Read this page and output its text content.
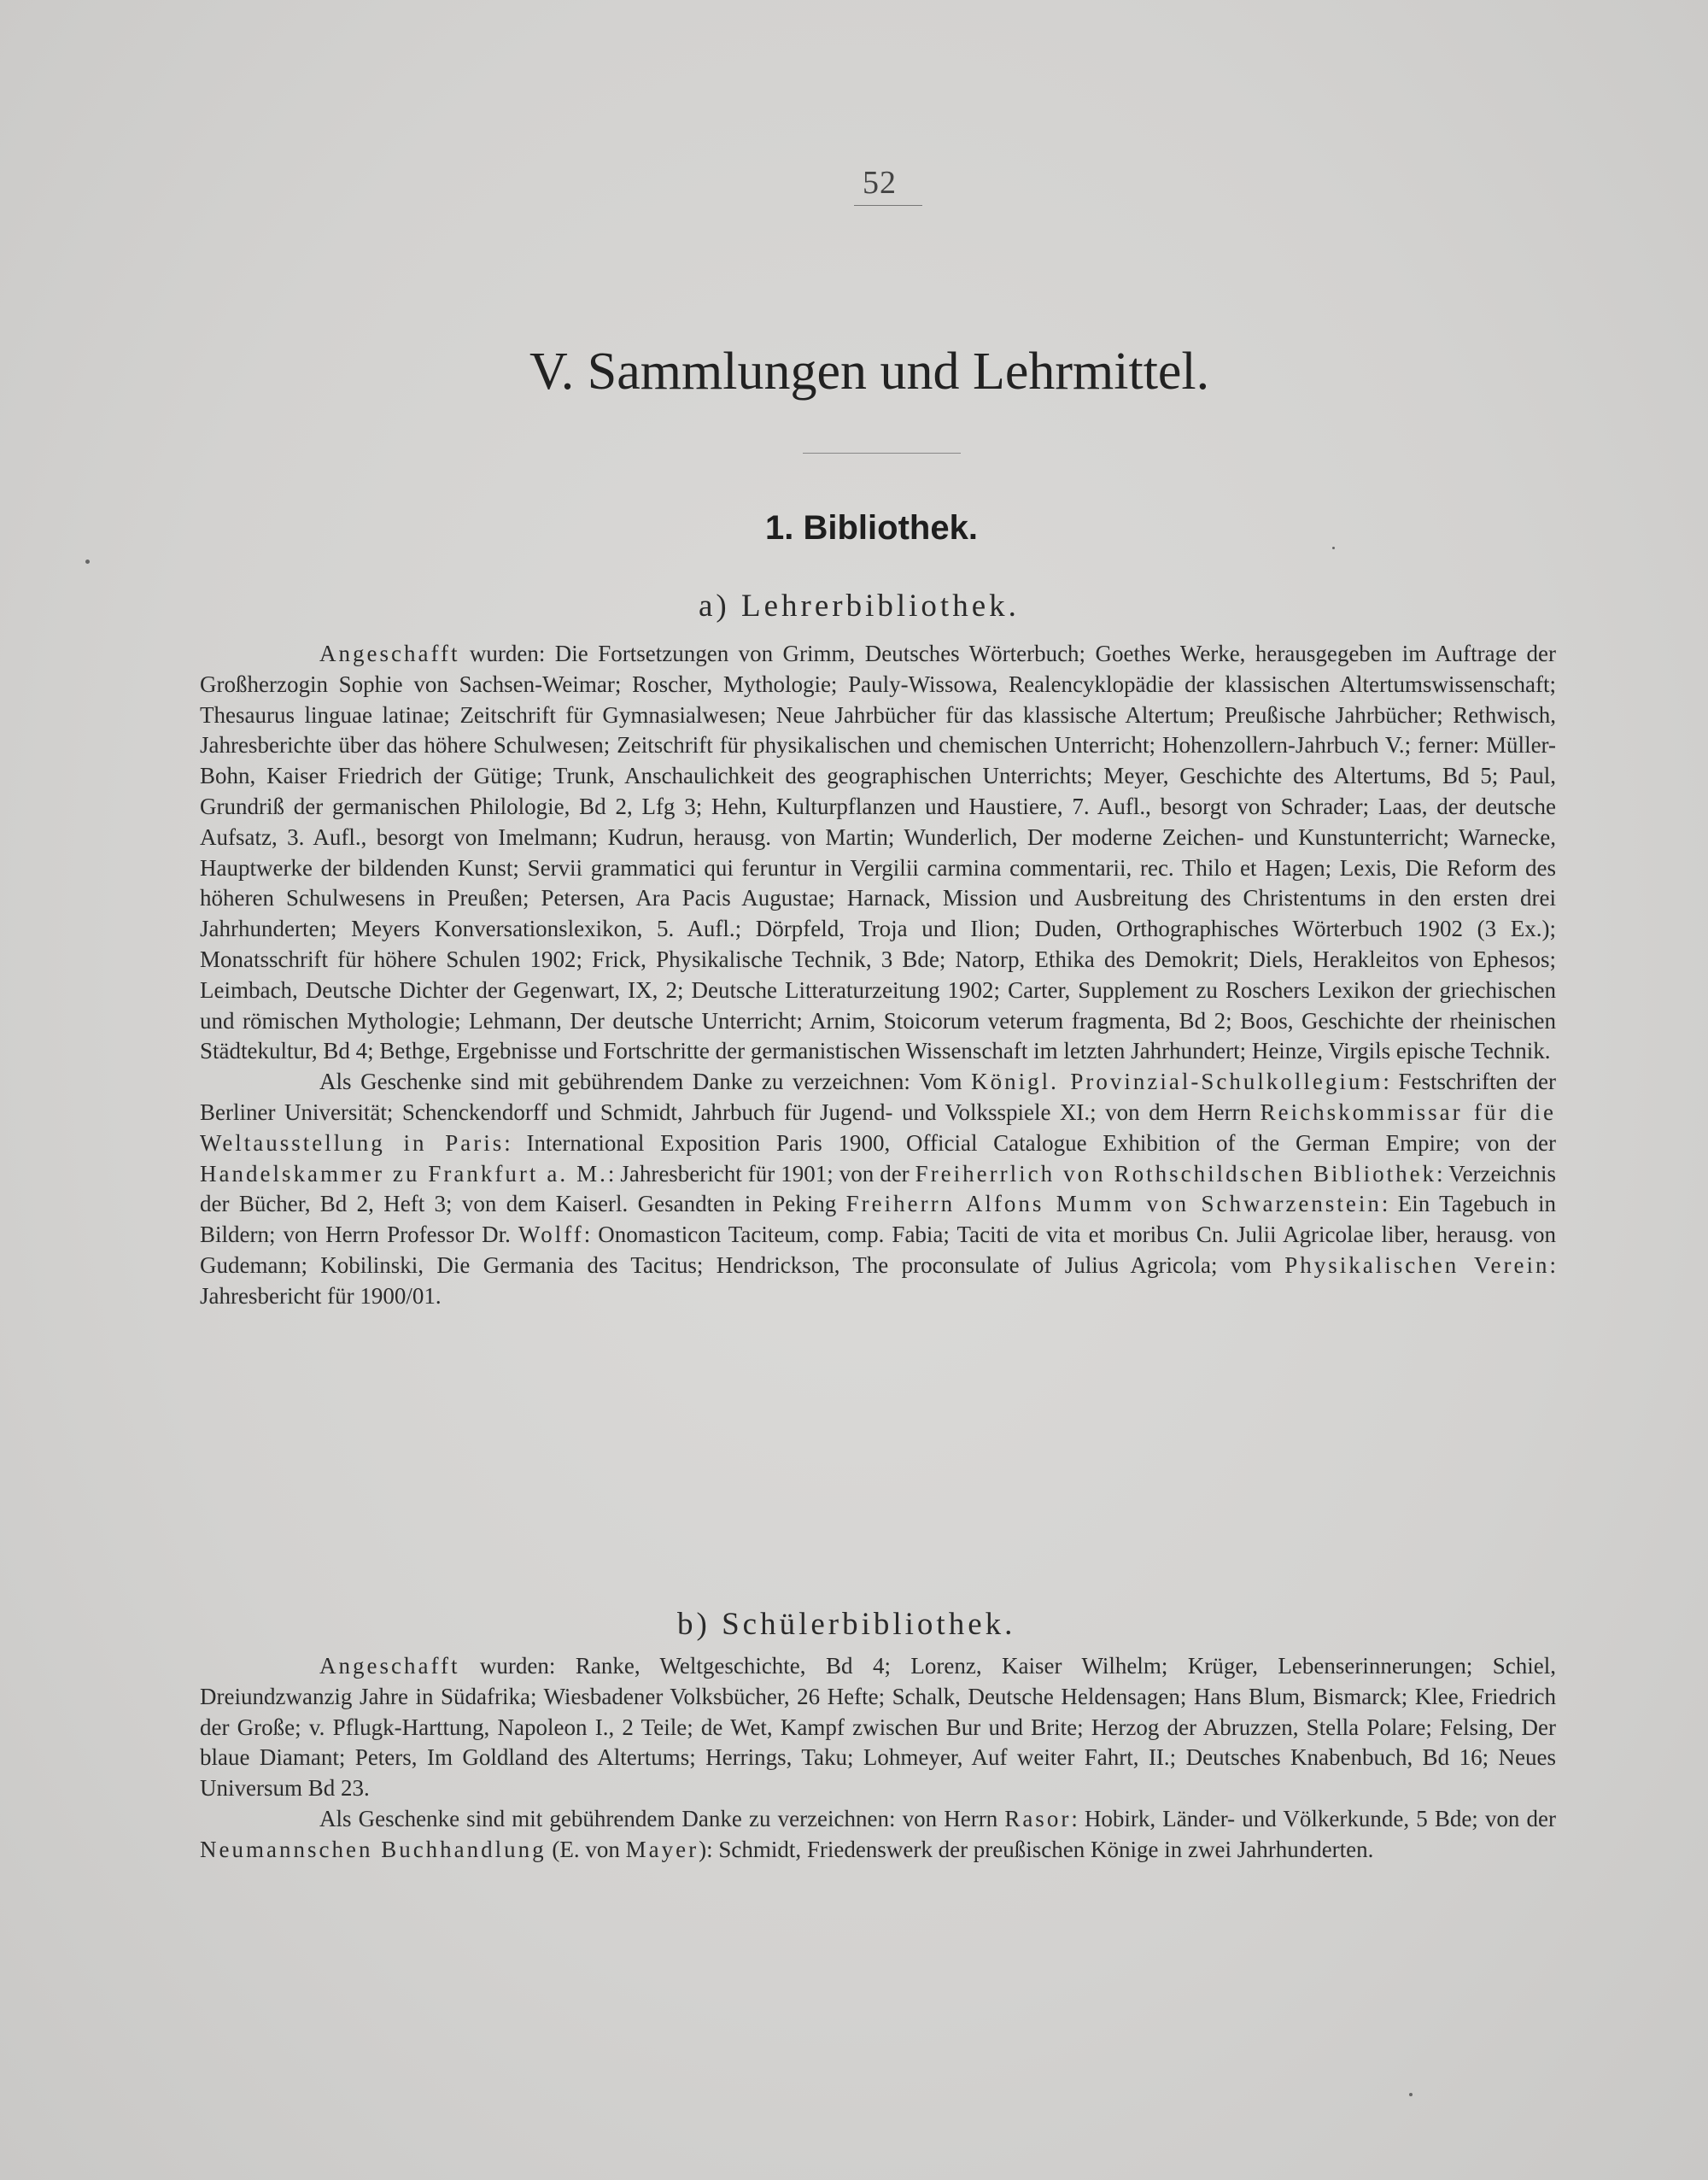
52
V. Sammlungen und Lehrmittel.
1. Bibliothek.
a) Lehrerbibliothek.

Angeschafft wurden: Die Fortsetzungen von Grimm, Deutsches Wörterbuch; Goethes Werke, herausgegeben im Auftrage der Großherzogin Sophie von Sachsen-Weimar; Roscher, Mythologie; Pauly-Wissowa, Realencyklopädie der klassischen Altertumswissenschaft; Thesaurus linguae latinae; Zeitschrift für Gymnasialwesen; Neue Jahrbücher für das klassische Altertum; Preußische Jahrbücher; Rethwisch, Jahresberichte über das höhere Schulwesen; Zeitschrift für physikalischen und chemischen Unterricht; Hohenzollern-Jahrbuch V.; ferner: Müller-Bohn, Kaiser Friedrich der Gütige; Trunk, Anschaulichkeit des geographischen Unterrichts; Meyer, Geschichte des Altertums, Bd 5; Paul, Grundriß der germanischen Philologie, Bd 2, Lfg 3; Hehn, Kulturpflanzen und Haustiere, 7. Aufl., besorgt von Schrader; Laas, der deutsche Aufsatz, 3. Aufl., besorgt von Imelmann; Kudrun, herausg. von Martin; Wunderlich, Der moderne Zeichen- und Kunstunterricht; Warnecke, Hauptwerke der bildenden Kunst; Servii grammatici qui feruntur in Vergilii carmina commentarii, rec. Thilo et Hagen; Lexis, Die Reform des höheren Schulwesens in Preußen; Petersen, Ara Pacis Augustae; Harnack, Mission und Ausbreitung des Christentums in den ersten drei Jahrhunderten; Meyers Konversationslexikon, 5. Aufl.; Dörpfeld, Troja und Ilion; Duden, Orthographisches Wörterbuch 1902 (3 Ex.); Monatsschrift für höhere Schulen 1902; Frick, Physikalische Technik, 3 Bde; Natorp, Ethika des Demokrit; Diels, Herakleitos von Ephesos; Leimbach, Deutsche Dichter der Gegenwart, IX, 2; Deutsche Litteraturzeitung 1902; Carter, Supplement zu Roschers Lexikon der griechischen und römischen Mythologie; Lehmann, Der deutsche Unterricht; Arnim, Stoicorum veterum fragmenta, Bd 2; Boos, Geschichte der rheinischen Städtekultur, Bd 4; Bethge, Ergebnisse und Fortschritte der germanistischen Wissenschaft im letzten Jahrhundert; Heinze, Virgils epische Technik.

Als Geschenke sind mit gebührendem Danke zu verzeichnen: Vom Königl. Provinzial-Schulkollegium: Festschriften der Berliner Universität; Schenckendorff und Schmidt, Jahrbuch für Jugend- und Volksspiele XI.; von dem Herrn Reichskommissar für die Weltausstellung in Paris: International Exposition Paris 1900, Official Catalogue Exhibition of the German Empire; von der Handelskammer zu Frankfurt a. M.: Jahresbericht für 1901; von der Freiherrlich von Rothschildschen Bibliothek: Verzeichnis der Bücher, Bd 2, Heft 3; von dem Kaiserl. Gesandten in Peking Freiherrn Alfons Mumm von Schwarzenstein: Ein Tagebuch in Bildern; von Herrn Professor Dr. Wolff: Onomasticon Taciteum, comp. Fabia; Taciti de vita et moribus Cn. Julii Agricolae liber, herausg. von Gudemann; Kobilinski, Die Germania des Tacitus; Hendrickson, The proconsulate of Julius Agricola; vom Physikalischen Verein: Jahresbericht für 1900/01.

b) Schülerbibliothek.

Angeschafft wurden: Ranke, Weltgeschichte, Bd 4; Lorenz, Kaiser Wilhelm; Krüger, Lebenserinnerungen; Schiel, Dreiundzwanzig Jahre in Südafrika; Wiesbadener Volksbücher, 26 Hefte; Schalk, Deutsche Heldensagen; Hans Blum, Bismarck; Klee, Friedrich der Große; v. Pflugk-Harttung, Napoleon I., 2 Teile; de Wet, Kampf zwischen Bur und Brite; Herzog der Abruzzen, Stella Polare; Felsing, Der blaue Diamant; Peters, Im Goldland des Altertums; Herrings, Taku; Lohmeyer, Auf weiter Fahrt, II.; Deutsches Knabenbuch, Bd 16; Neues Universum Bd 23.

Als Geschenke sind mit gebührendem Danke zu verzeichnen: von Herrn Rasor: Hobirk, Länder- und Völkerkunde, 5 Bde; von der Neumannschen Buchhandlung (E. von Mayer): Schmidt, Friedenswerk der preußischen Könige in zwei Jahrhunderten.
